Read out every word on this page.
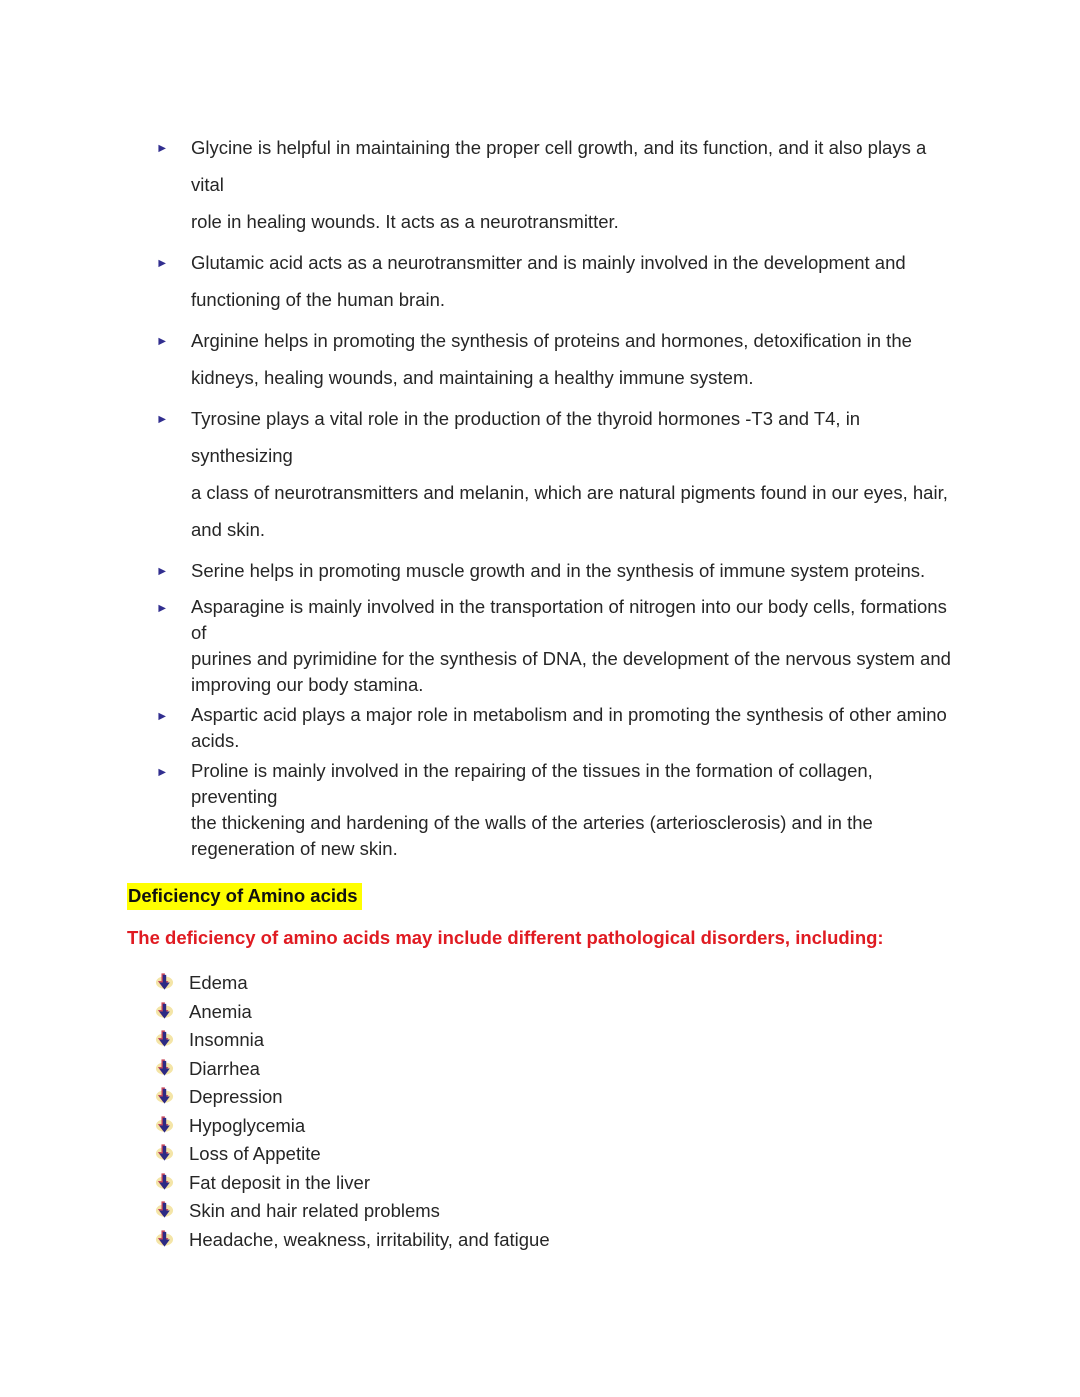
►	Glycine is helpful in maintaining the proper cell growth, and its function, and it also plays a vital
role in healing wounds. It acts as a neurotransmitter.
►	Glutamic acid acts as a neurotransmitter and is mainly involved in the development and
functioning of the human brain.
►	Arginine helps in promoting the synthesis of proteins and hormones, detoxification in the
kidneys, healing wounds, and maintaining a healthy immune system.
►	Tyrosine plays a vital role in the production of the thyroid hormones -T3 and T4, in synthesizing
a class of neurotransmitters and melanin, which are natural pigments found in our eyes, hair,
and skin.
►	Serine helps in promoting muscle growth and in the synthesis of immune system proteins.
►	Asparagine is mainly involved in the transportation of nitrogen into our body cells, formations of
purines and pyrimidine for the synthesis of DNA, the development of the nervous system and
improving our body stamina.
►	Aspartic acid plays a major role in metabolism and in promoting the synthesis of other amino
acids.
►	Proline is mainly involved in the repairing of the tissues in the formation of collagen, preventing
the thickening and hardening of the walls of the arteries (arteriosclerosis) and in the
regeneration of new skin.
Deficiency of Amino acids

The deficiency of amino acids may include different pathological disorders, including:

Edema
Anemia
Insomnia
Diarrhea
Depression
Hypoglycemia
Loss of Appetite
Fat deposit in the liver
Skin and hair related problems
Headache, weakness, irritability, and fatigue
